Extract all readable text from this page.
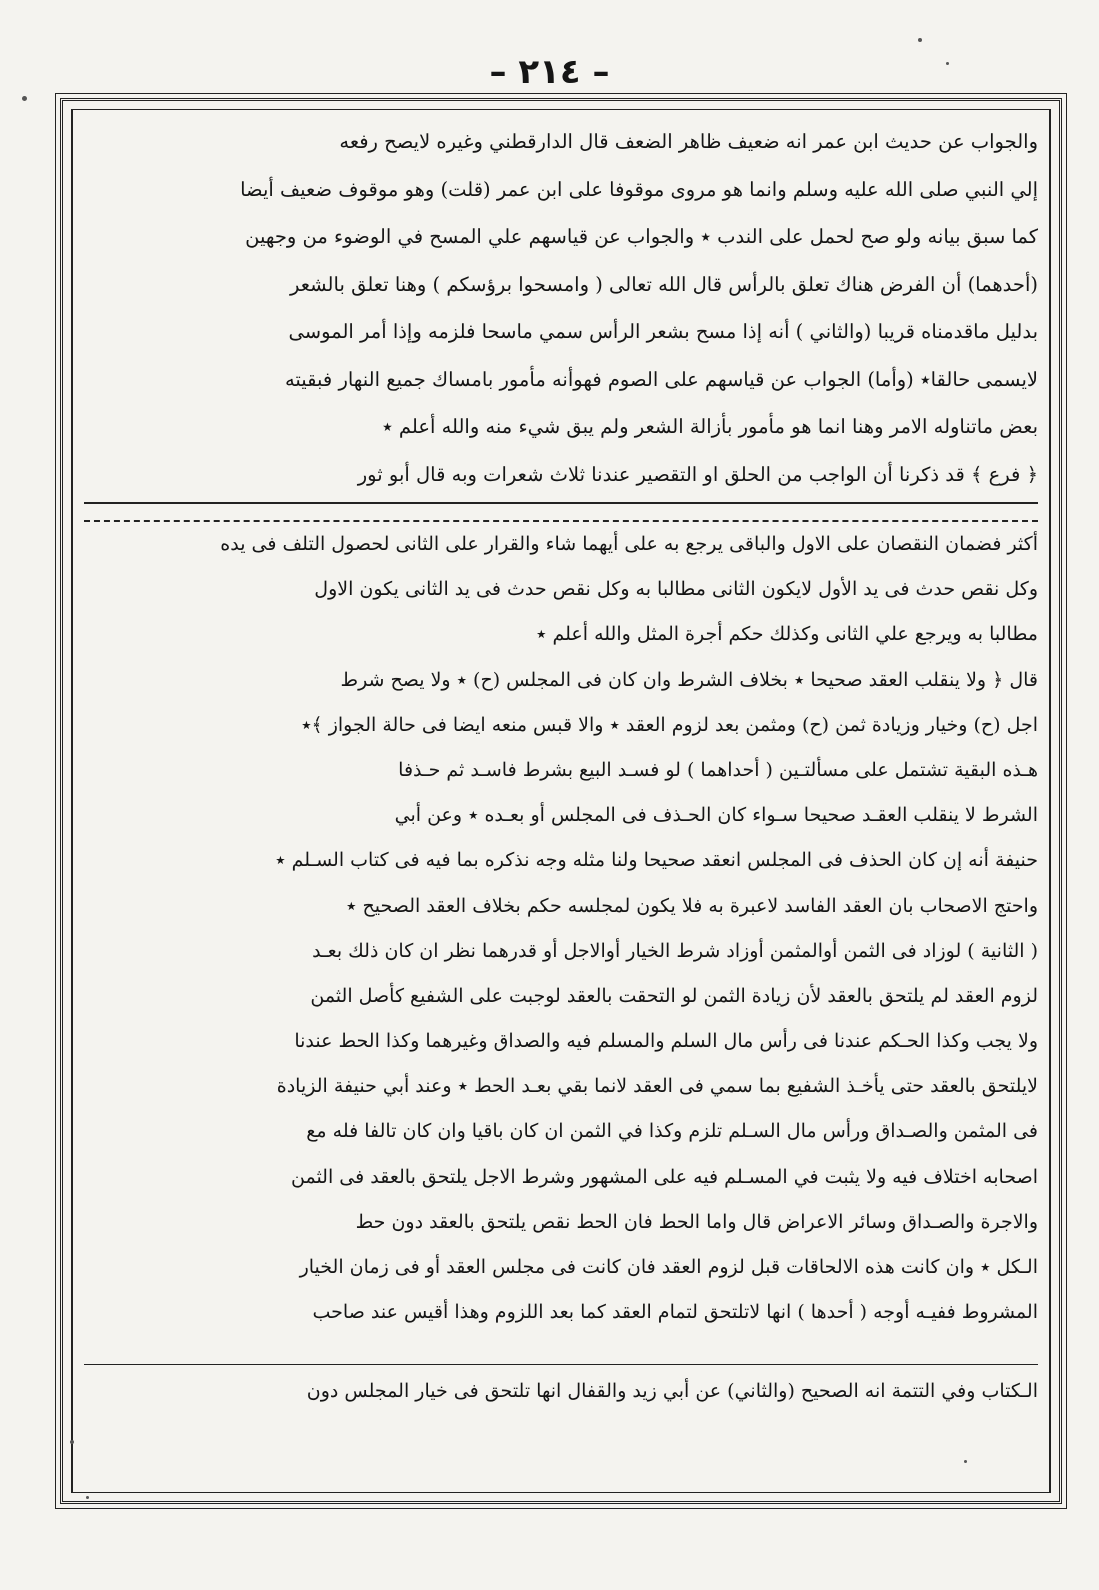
– ٢١٤ –
والجواب عن حديث ابن عمر انه ضعيف ظاهر الضعف قال الدارقطني وغيره لايصح رفعه
إلي النبي صلى الله عليه وسلم وانما هو مروى موقوفا على ابن عمر (قلت) وهو موقوف ضعيف أيضا
كما سبق بيانه ولو صح لحمل على الندب ٭ والجواب عن قياسهم علي المسح في الوضوء من وجهين
(أحدهما) أن الفرض هناك تعلق بالرأس قال الله تعالى ( وامسحوا برؤسكم ) وهنا تعلق بالشعر
بدليل ماقدمناه قريبا (والثاني ) أنه إذا مسح بشعر الرأس سمي ماسحا فلزمه وإذا أمر الموسى
لايسمى حالقا٭ (وأما) الجواب عن قياسهم على الصوم فهوأنه مأمور بامساك جميع النهار فبقيته
بعض ماتناوله الامر وهنا انما هو مأمور بأزالة الشعر ولم يبق شيء منه والله أعلم ٭
﴿ فرع ﴾ قد ذكرنا أن الواجب من الحلق او التقصير عندنا ثلاث شعرات وبه قال أبو ثور
أكثر فضمان النقصان على الاول والباقى يرجع به على أيهما شاء والقرار على الثانى لحصول التلف فى يده
وكل نقص حدث فى يد الأول لايكون الثانى مطالبا به وكل نقص حدث فى يد الثانى يكون الاول
مطالبا به ويرجع علي الثانى وكذلك حكم أجرة المثل والله أعلم ٭
قال ﴿ ولا ينقلب العقد صحيحا ٭ بخلاف الشرط وان كان فى المجلس (ح) ٭ ولا يصح شرط
اجل (ح) وخيار وزيادة ثمن (ح) ومثمن بعد لزوم العقد ٭ والا قبس منعه ايضا فى حالة الجواز ﴾٭
هـذه البقية تشتمل على مسألتـين ( أحداهما ) لو فسـد البيع بشرط فاسـد ثم حـذفا
الشرط لا ينقلب العقـد صحيحا سـواء كان الحـذف فى المجلس أو بعـده ٭ وعن أبي
حنيفة أنه إن كان الحذف فى المجلس انعقد صحيحا ولنا مثله وجه نذكره بما فيه فى كتاب السـلم ٭
واحتج الاصحاب بان العقد الفاسد لاعبرة به فلا يكون لمجلسه حكم بخلاف العقد الصحيح ٭
( الثانية ) لوزاد فى الثمن أوالمثمن أوزاد شرط الخيار أوالاجل أو قدرهما نظر ان كان ذلك بعـد
لزوم العقد لم يلتحق بالعقد لأن زيادة الثمن لو التحقت بالعقد لوجبت على الشفيع كأصل الثمن
ولا يجب وكذا الحـكم عندنا فى رأس مال السلم والمسلم فيه والصداق وغيرهما وكذا الحط عندنا
لايلتحق بالعقد حتى يأخـذ الشفيع بما سمي فى العقد لانما بقي بعـد الحط ٭ وعند أبي حنيفة الزيادة
فى المثمن والصـداق ورأس مال السـلم تلزم وكذا في الثمن ان كان باقيا وان كان تالفا فله مع
اصحابه اختلاف فيه ولا يثبت في المسـلم فيه على المشهور وشرط الاجل يلتحق بالعقد فى الثمن
والاجرة والصـداق وسائر الاعراض قال واما الحط فان الحط نقص يلتحق بالعقد دون حط
الـكل ٭ وان كانت هذه الالحاقات قبل لزوم العقد فان كانت فى مجلس العقد أو فى زمان الخيار
المشروط ففيـه أوجه ( أحدها ) انها لاتلتحق لتمام العقد كما بعد اللزوم وهذا أقيس عند صاحب
الـكتاب وفي التتمة انه الصحيح (والثاني) عن أبي زيد والقفال انها تلتحق فى خيار المجلس دون
